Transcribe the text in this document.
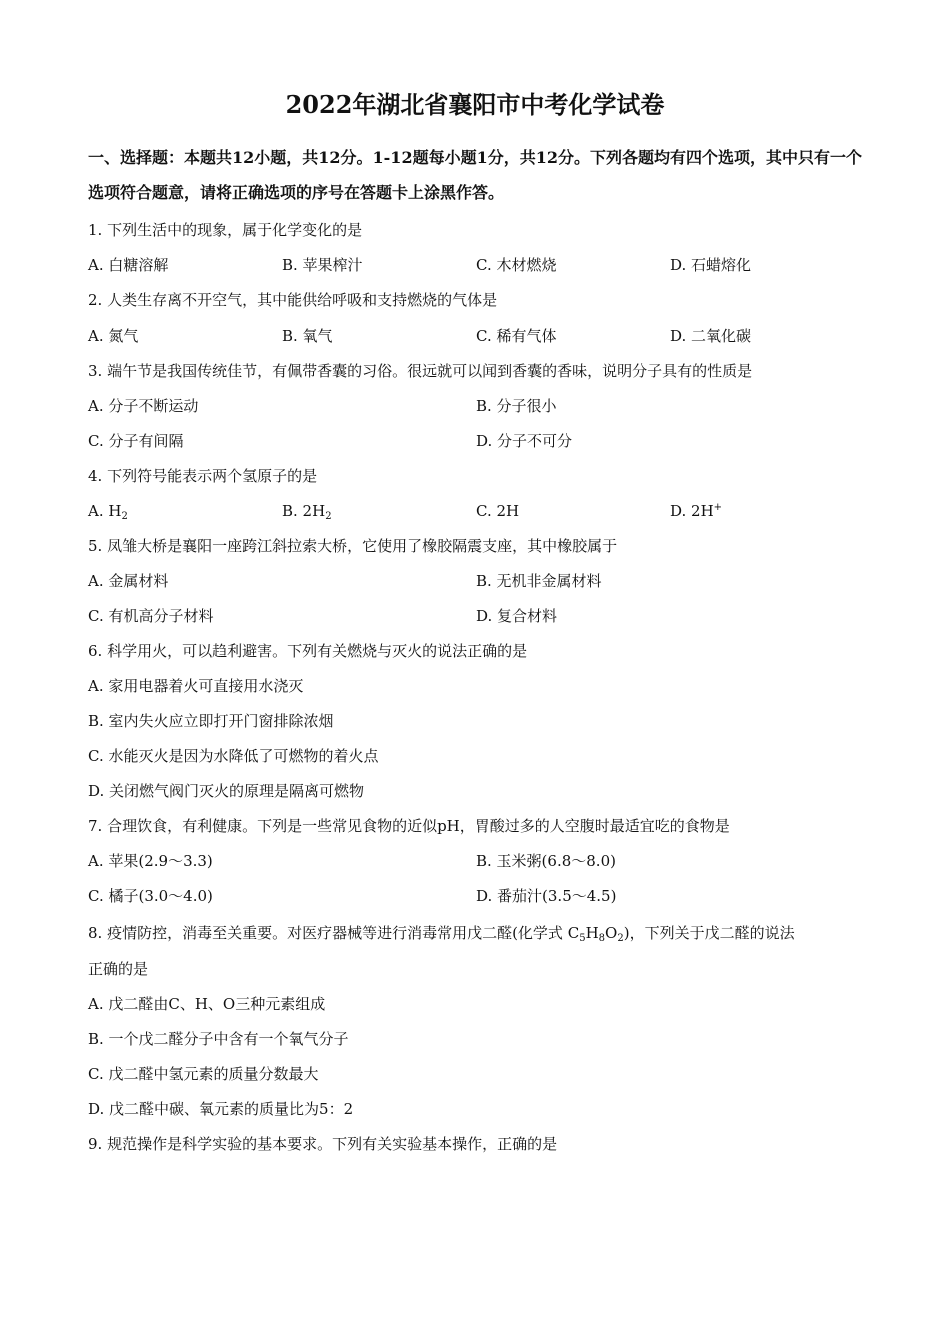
2022年湖北省襄阳市中考化学试卷
一、选择题：本题共12小题，共12分。1-12题每小题1分，共12分。下列各题均有四个选项，其中只有一个选项符合题意，请将正确选项的序号在答题卡上涂黑作答。
1. 下列生活中的现象，属于化学变化的是
A. 白糖溶解	B. 苹果榨汁	C. 木材燃烧	D. 石蜡熔化
2. 人类生存离不开空气，其中能供给呼吸和支持燃烧的气体是
A. 氮气	B. 氧气	C. 稀有气体	D. 二氧化碳
3. 端午节是我国传统佳节，有佩带香囊的习俗。很远就可以闻到香囊的香味，说明分子具有的性质是
A. 分子不断运动	B. 分子很小
C. 分子有间隔	D. 分子不可分
4. 下列符号能表示两个氢原子的是
A. $H_2$	B. $2H_2$	C. 2H	D. 2H+
5. 凤雏大桥是襄阳一座跨江斜拉索大桥，它使用了橡胶隔震支座，其中橡胶属于
A. 金属材料	B. 无机非金属材料
C. 有机高分子材料	D. 复合材料
6. 科学用火，可以趋利避害。下列有关燃烧与灭火的说法正确的是
A. 家用电器着火可直接用水浇灭
B. 室内失火应立即打开门窗排除浓烟
C. 水能灭火是因为水降低了可燃物的着火点
D. 关闭燃气阀门灭火的原理是隔离可燃物
7. 合理饮食，有利健康。下列是一些常见食物的近似pH，胃酸过多的人空腹时最适宜吃的食物是
A. 苹果(2.9～3.3)	B. 玉米粥(6.8～8.0)
C. 橘子(3.0～4.0)	D. 番茄汁(3.5～4.5)
8. 疫情防控，消毒至关重要。对医疗器械等进行消毒常用戊二醛(化学式 $C_5H_8O_2$)，下列关于戊二醛的说法
正确的是
A. 戊二醛由C、H、O三种元素组成
B. 一个戊二醛分子中含有一个氧气分子
C. 戊二醛中氢元素的质量分数最大
D. 戊二醛中碳、氧元素的质量比为5：2
9. 规范操作是科学实验的基本要求。下列有关实验基本操作，正确的是
